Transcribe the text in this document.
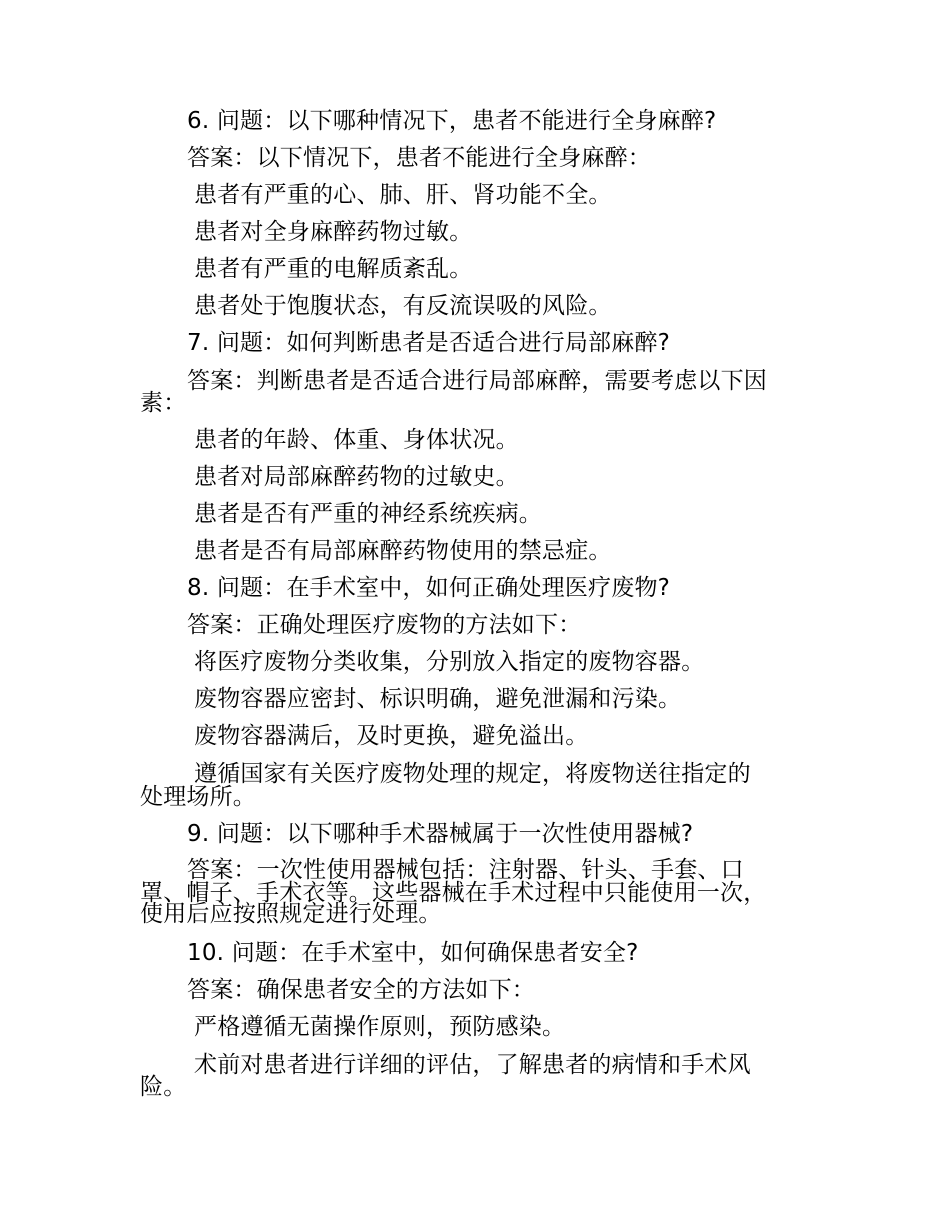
6. 问题：以下哪种情况下，患者不能进行全身麻醉?
答案：以下情况下，患者不能进行全身麻醉：
患者有严重的心、肺、肝、肾功能不全。
患者对全身麻醉药物过敏。
患者有严重的电解质紊乱。
患者处于饱腹状态，有反流误吸的风险。
7. 问题：如何判断患者是否适合进行局部麻醉?
答案：判断患者是否适合进行局部麻醉，需要考虑以下因
素：
患者的年龄、体重、身体状况。
患者对局部麻醉药物的过敏史。
患者是否有严重的神经系统疾病。
患者是否有局部麻醉药物使用的禁忌症。
8. 问题：在手术室中，如何正确处理医疗废物?
答案：正确处理医疗废物的方法如下：
将医疗废物分类收集，分别放入指定的废物容器。
废物容器应密封、标识明确，避免泄漏和污染。
废物容器满后，及时更换，避免溢出。
遵循国家有关医疗废物处理的规定，将废物送往指定的
处理场所。
9. 问题：以下哪种手术器械属于一次性使用器械?
答案：一次性使用器械包括：注射器、针头、手套、口
罩、帽子、手术衣等。这些器械在手术过程中只能使用一次，
使用后应按照规定进行处理。
10. 问题：在手术室中，如何确保患者安全?
答案：确保患者安全的方法如下：
严格遵循无菌操作原则，预防感染。
术前对患者进行详细的评估，了解患者的病情和手术风
险。
